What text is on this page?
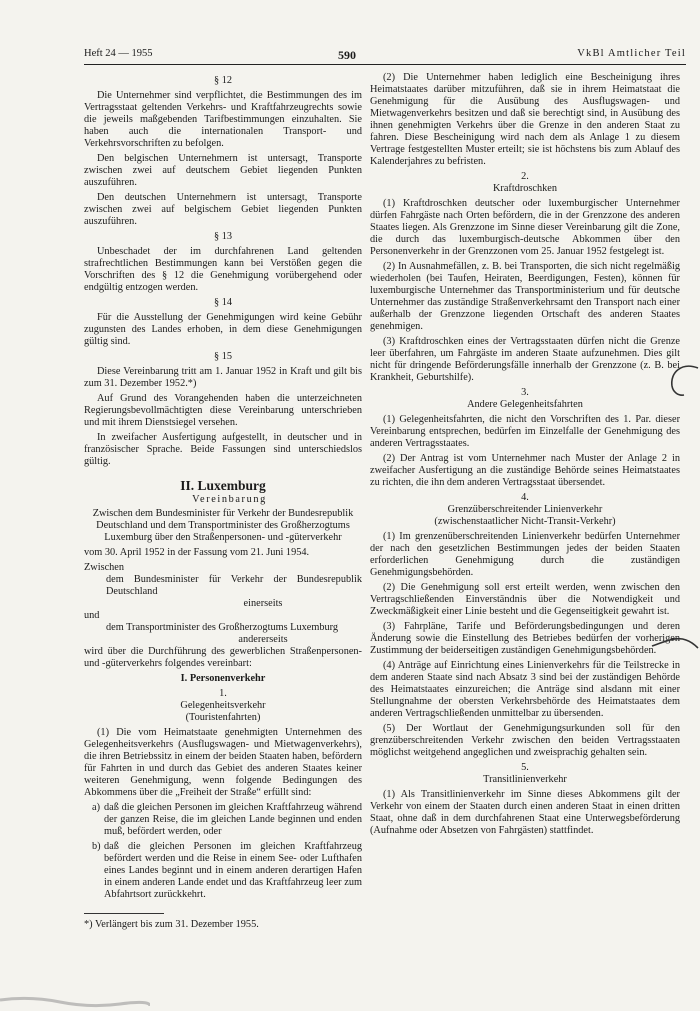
Heft 24 — 1955	590	VkBl Amtlicher Teil

§ 12

Die Unternehmer sind verpflichtet, die Bestimmungen des im Vertragsstaat geltenden Verkehrs- und Kraftfahrzeugrechts sowie die jeweils maßgebenden Tarifbestimmungen einzuhalten. Sie haben auch die internationalen Transport- und Verkehrsvorschriften zu befolgen.

Den belgischen Unternehmern ist untersagt, Transporte zwischen zwei auf deutschem Gebiet liegenden Punkten auszuführen.

Den deutschen Unternehmern ist untersagt, Transporte zwischen zwei auf belgischem Gebiet liegenden Punkten auszuführen.

§ 13

Unbeschadet der im durchfahrenen Land geltenden strafrechtlichen Bestimmungen kann bei Verstößen gegen die Vorschriften des § 12 die Genehmigung vorübergehend oder endgültig entzogen werden.

§ 14

Für die Ausstellung der Genehmigungen wird keine Gebühr zugunsten des Landes erhoben, in dem diese Genehmigungen gültig sind.

§ 15

Diese Vereinbarung tritt am 1. Januar 1952 in Kraft und gilt bis zum 31. Dezember 1952.*)

Auf Grund des Vorangehenden haben die unterzeichneten Regierungsbevollmächtigten diese Vereinbarung unterschrieben und mit ihrem Dienstsiegel versehen.

In zweifacher Ausfertigung aufgestellt, in deutscher und in französischer Sprache. Beide Fassungen sind unterschiedslos gültig.

II. Luxemburg

Vereinbarung

Zwischen dem Bundesminister für Verkehr der Bundesrepublik Deutschland und dem Transportminister des Großherzogtums Luxemburg über den Straßenpersonen- und -güterverkehr

vom 30. April 1952 in der Fassung vom 21. Juni 1954.

Zwischen

dem Bundesminister für Verkehr der Bundesrepublik Deutschland

einerseits

und

dem Transportminister des Großherzogtums Luxemburg

andererseits

wird über die Durchführung des gewerblichen Straßenpersonen- und -güterverkehrs folgendes vereinbart:

I. Personenverkehr

1.

Gelegenheitsverkehr

(Touristenfahrten)

(1) Die vom Heimatstaate genehmigten Unternehmen des Gelegenheitsverkehrs (Ausflugswagen- und Mietwagenverkehrs), die ihren Betriebssitz in einem der beiden Staaten haben, befördern für Fahrten in und durch das Gebiet des anderen Staates keiner weiteren Genehmigung, wenn folgende Bedingungen des Abkommens über die „Freiheit der Straße“ erfüllt sind:

a) daß die gleichen Personen im gleichen Kraftfahrzeug während der ganzen Reise, die im gleichen Lande beginnen und enden muß, befördert werden, oder
b) daß die gleichen Personen im gleichen Kraftfahrzeug befördert werden und die Reise in einem See- oder Lufthafen eines Landes beginnt und in einem anderen derartigen Hafen in einem anderen Lande endet und das Kraftfahrzeug leer zum Abfahrtsort zurückkehrt.

*) Verlängert bis zum 31. Dezember 1955.

(2) Die Unternehmer haben lediglich eine Bescheinigung ihres Heimatstaates darüber mitzuführen, daß sie in ihrem Heimatstaat die Genehmigung für die Ausübung des Ausflugswagen- und Mietwagenverkehrs besitzen und daß sie berechtigt sind, in Ausübung des ihnen genehmigten Verkehrs über die Grenze in den anderen Staat zu fahren. Diese Bescheinigung wird nach dem als Anlage 1 zu diesem Vertrage festgestellten Muster erteilt; sie ist höchstens bis zum Ablauf des Kalenderjahres zu befristen.

2.

Kraftdroschken

(1) Kraftdroschken deutscher oder luxemburgischer Unternehmer dürfen Fahrgäste nach Orten befördern, die in der Grenzzone des anderen Staates liegen. Als Grenzzone im Sinne dieser Vereinbarung gilt die Zone, die durch das luxemburgisch-deutsche Abkommen über den Personenverkehr in der Grenzzonen vom 25. Januar 1952 festgelegt ist.

(2) In Ausnahmefällen, z. B. bei Transporten, die sich nicht regelmäßig wiederholen (bei Taufen, Heiraten, Beerdigungen, Festen), können für luxemburgische Unternehmer das Transportministerium und für deutsche Unternehmer das zuständige Straßenverkehrsamt den Transport nach einer außerhalb der Grenzzone liegenden Ortschaft des anderen Staates genehmigen.

(3) Kraftdroschken eines der Vertragsstaaten dürfen nicht die Grenze leer überfahren, um Fahrgäste im anderen Staate aufzunehmen. Dies gilt nicht für dringende Beförderungsfälle innerhalb der Grenzzone (z. B. bei Krankheit, Geburtshilfe).

3.

Andere Gelegenheitsfahrten

(1) Gelegenheitsfahrten, die nicht den Vorschriften des 1. Par. dieser Vereinbarung entsprechen, bedürfen im Einzelfalle der Genehmigung des anderen Vertragsstaates.

(2) Der Antrag ist vom Unternehmer nach Muster der Anlage 2 in zweifacher Ausfertigung an die zuständige Behörde seines Heimatstaates zu richten, die ihn dem anderen Vertragsstaat übersendet.

4.

Grenzüberschreitender Linienverkehr

(zwischenstaatlicher Nicht-Transit-Verkehr)

(1) Im grenzenüberschreitenden Linienverkehr bedürfen Unternehmer der nach den gesetzlichen Bestimmungen jedes der beiden Staaten erforderlichen Genehmigung durch die zuständigen Genehmigungsbehörden.

(2) Die Genehmigung soll erst erteilt werden, wenn zwischen den Vertragschließenden Einverständnis über die Notwendigkeit und Zweckmäßigkeit einer Linie besteht und die Gegenseitigkeit gewahrt ist.

(3) Fahrpläne, Tarife und Beförderungsbedingungen und deren Änderung sowie die Einstellung des Betriebes bedürfen der vorherigen Zustimmung der beiderseitigen zuständigen Genehmigungsbehörden.

(4) Anträge auf Einrichtung eines Linienverkehrs für die Teilstrecke in dem anderen Staate sind nach Absatz 3 sind bei der zuständigen Behörde des Heimatstaates einzureichen; die Anträge sind alsdann mit einer Stellungnahme der obersten Verkehrsbehörde des Heimatstaates dem anderen Vertragschließenden unmittelbar zu übersenden.

(5) Der Wortlaut der Genehmigungsurkunden soll für den grenzüberschreitenden Verkehr zwischen den beiden Vertragsstaaten möglichst weitgehend angeglichen und zweisprachig gehalten sein.

5.

Transitlinienverkehr

(1) Als Transitlinienverkehr im Sinne dieses Abkommens gilt der Verkehr von einem der Staaten durch einen anderen Staat in einen dritten Staat, ohne daß in dem durchfahrenen Staat eine Unterwegsbeförderung (Aufnahme oder Absetzen von Fahrgästen) stattfindet.
